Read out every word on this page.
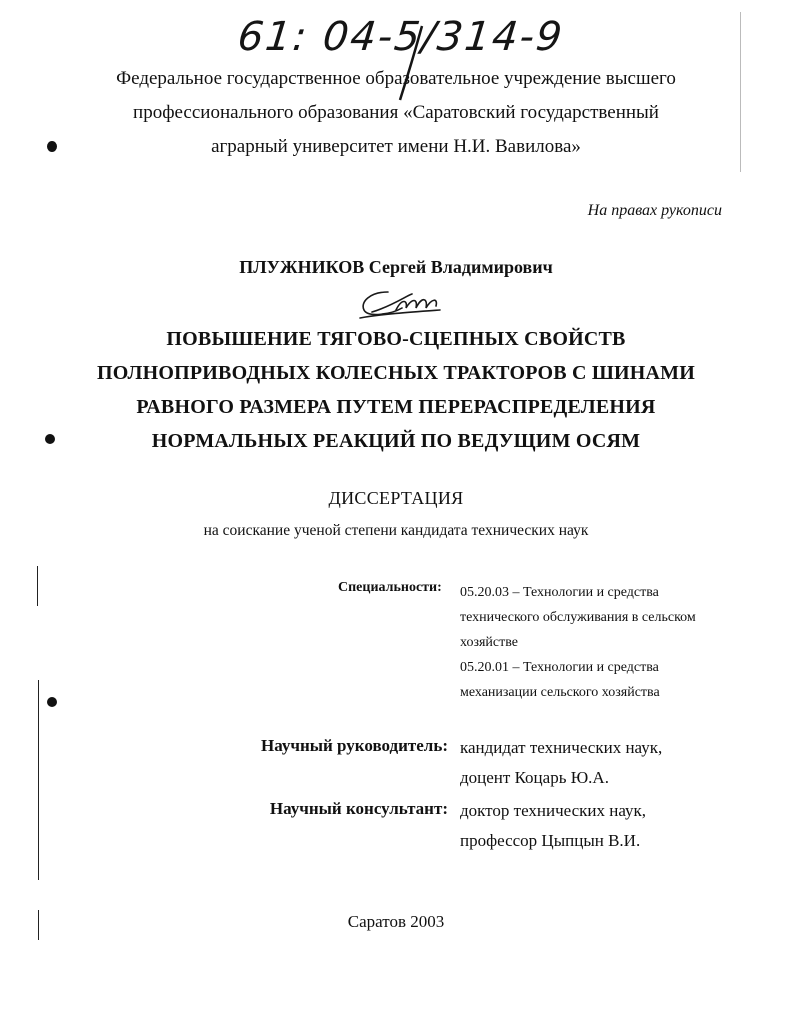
61: 04-5/314-9
Федеральное государственное образовательное учреждение высшего
профессионального образования «Саратовский государственный
аграрный университет имени Н.И. Вавилова»
На правах рукописи
ПЛУЖНИКОВ Сергей Владимирович
ПОВЫШЕНИЕ ТЯГОВО-СЦЕПНЫХ СВОЙСТВ
ПОЛНОПРИВОДНЫХ КОЛЕСНЫХ ТРАКТОРОВ С ШИНАМИ
РАВНОГО РАЗМЕРА ПУТЕМ ПЕРЕРАСПРЕДЕЛЕНИЯ
НОРМАЛЬНЫХ РЕАКЦИЙ ПО ВЕДУЩИМ ОСЯМ
ДИССЕРТАЦИЯ
на соискание ученой степени кандидата технических наук
Специальности: 05.20.03 – Технологии и средства
технического обслуживания в сельском
хозяйстве
05.20.01 – Технологии и средства
механизации сельского хозяйства
Научный руководитель: кандидат технических наук,
доцент Коцарь Ю.А.
Научный консультант: доктор технических наук,
профессор Цыпцын В.И.
Саратов 2003
